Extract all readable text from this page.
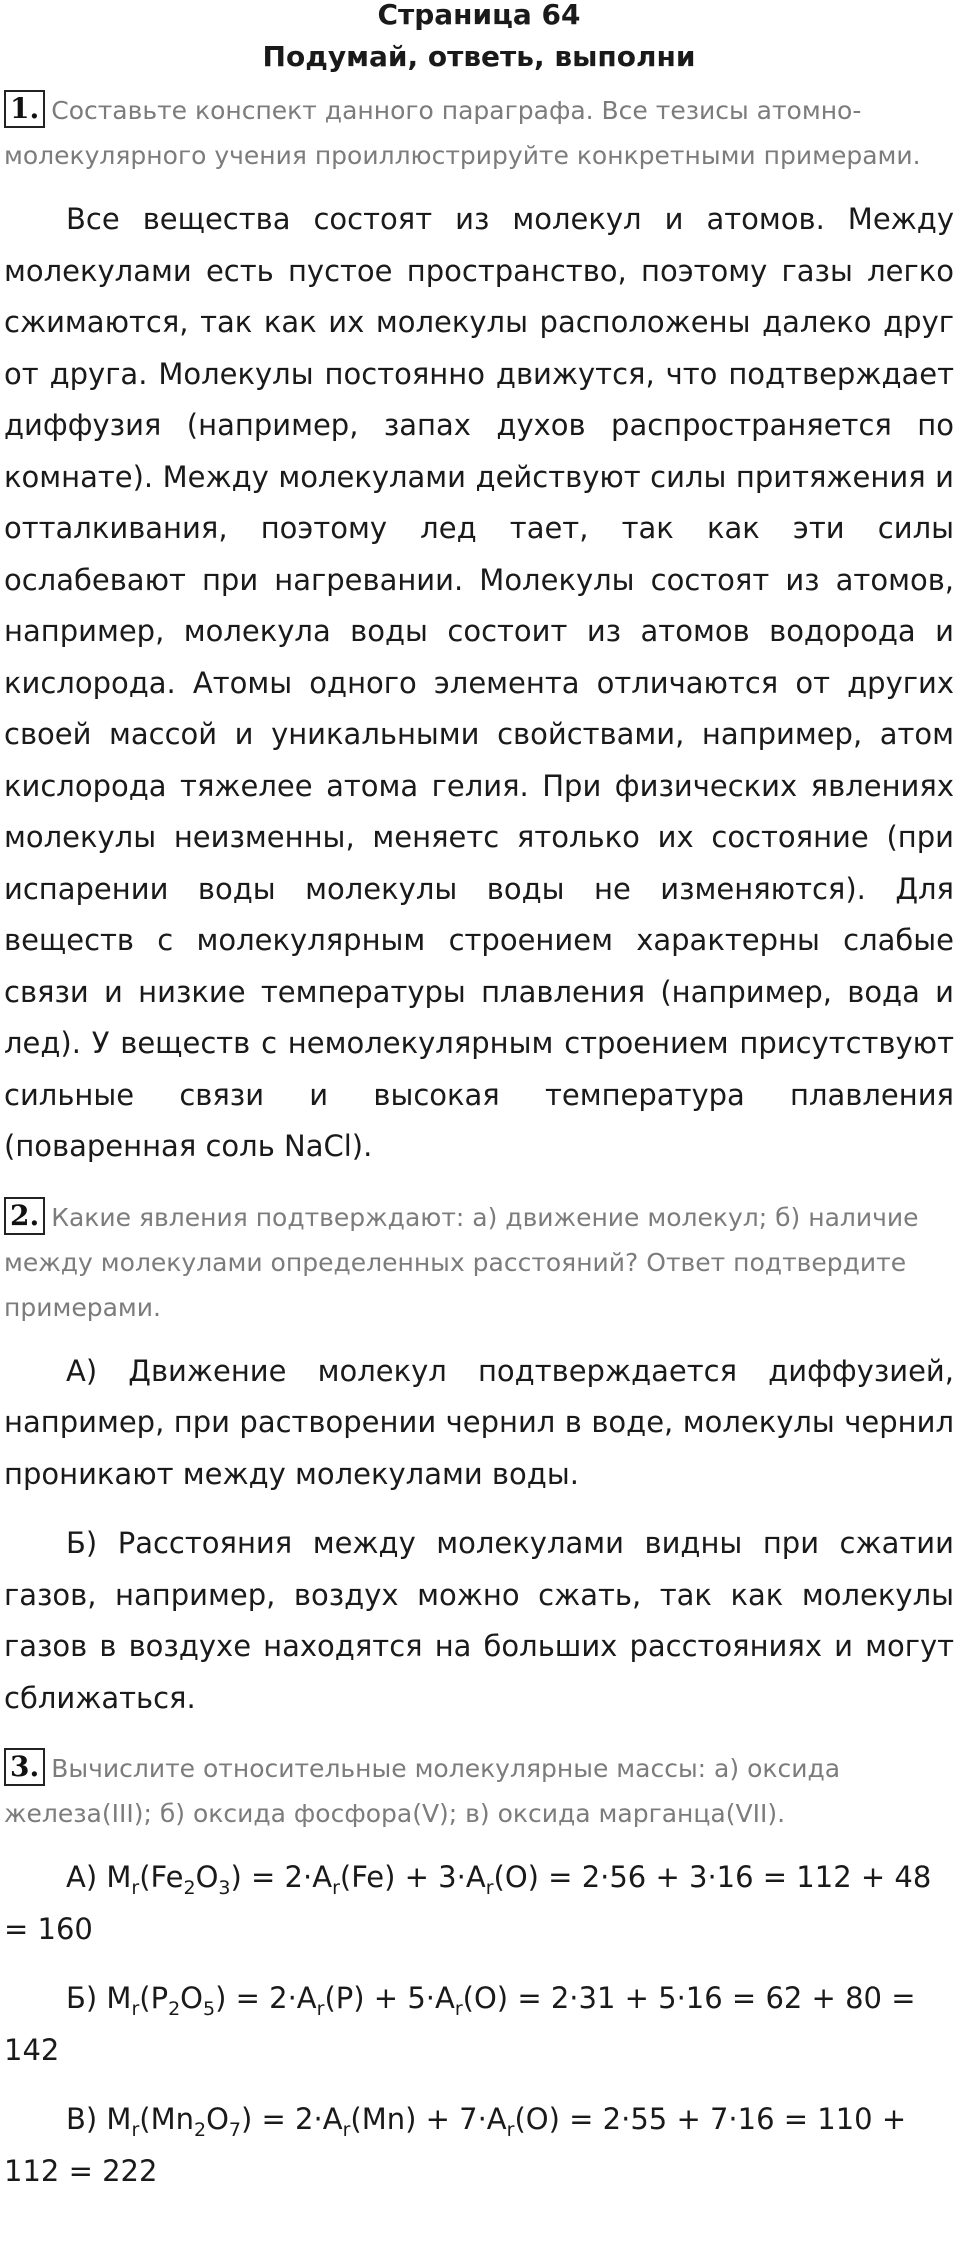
Страница 64
Подумай, ответь, выполни
1. Составьте конспект данного параграфа. Все тезисы атомно-молекулярного учения проиллюстрируйте конкретными примерами.

Все вещества состоят из молекул и атомов. Между молекулами есть пустое пространство, поэтому газы легко сжимаются, так как их молекулы расположены далеко друг от друга. Молекулы постоянно движутся, что подтверждает диффузия (например, запах духов распространяется по комнате). Между молекулами действуют силы притяжения и отталкивания, поэтому лед тает, так как эти силы ослабевают при нагревании. Молекулы состоят из атомов, например, молекула воды состоит из атомов водорода и кислорода. Атомы одного элемента отличаются от других своей массой и уникальными свойствами, например, атом кислорода тяжелее атома гелия. При физических явлениях молекулы неизменны, меняетс ятолько их состояние (при испарении воды молекулы воды не изменяются). Для веществ с молекулярным строением характерны слабые связи и низкие температуры плавления (например, вода и лед). У веществ с немолекулярным строением присутствуют сильные связи и высокая температура плавления (поваренная соль NaCl).

2. Какие явления подтверждают: а) движение молекул; б) наличие между молекулами определенных расстояний? Ответ подтвердите примерами.

А) Движение молекул подтверждается диффузией, например, при растворении чернил в воде, молекулы чернил проникают между молекулами воды.

Б) Расстояния между молекулами видны при сжатии газов, например, воздух можно сжать, так как молекулы газов в воздухе находятся на больших расстояниях и могут сближаться.

3. Вычислите относительные молекулярные массы: а) оксида железа(III); б) оксида фосфора(V); в) оксида марганца(VII).

А) $M_r(Fe_2O_3) = 2\cdot A_r(Fe) + 3\cdot A_r(O) = 2\cdot 56 + 3\cdot 16 = 112 + 48 = 160$

Б) $M_r(P_2O_5) = 2\cdot A_r(P) + 5\cdot A_r(O) = 2\cdot 31 + 5\cdot 16 = 62 + 80 = 142$

В) $M_r(Mn_2O_7) = 2\cdot A_r(Mn) + 7\cdot A_r(O) = 2\cdot 55 + 7\cdot 16 = 110 + 112 = 222$
